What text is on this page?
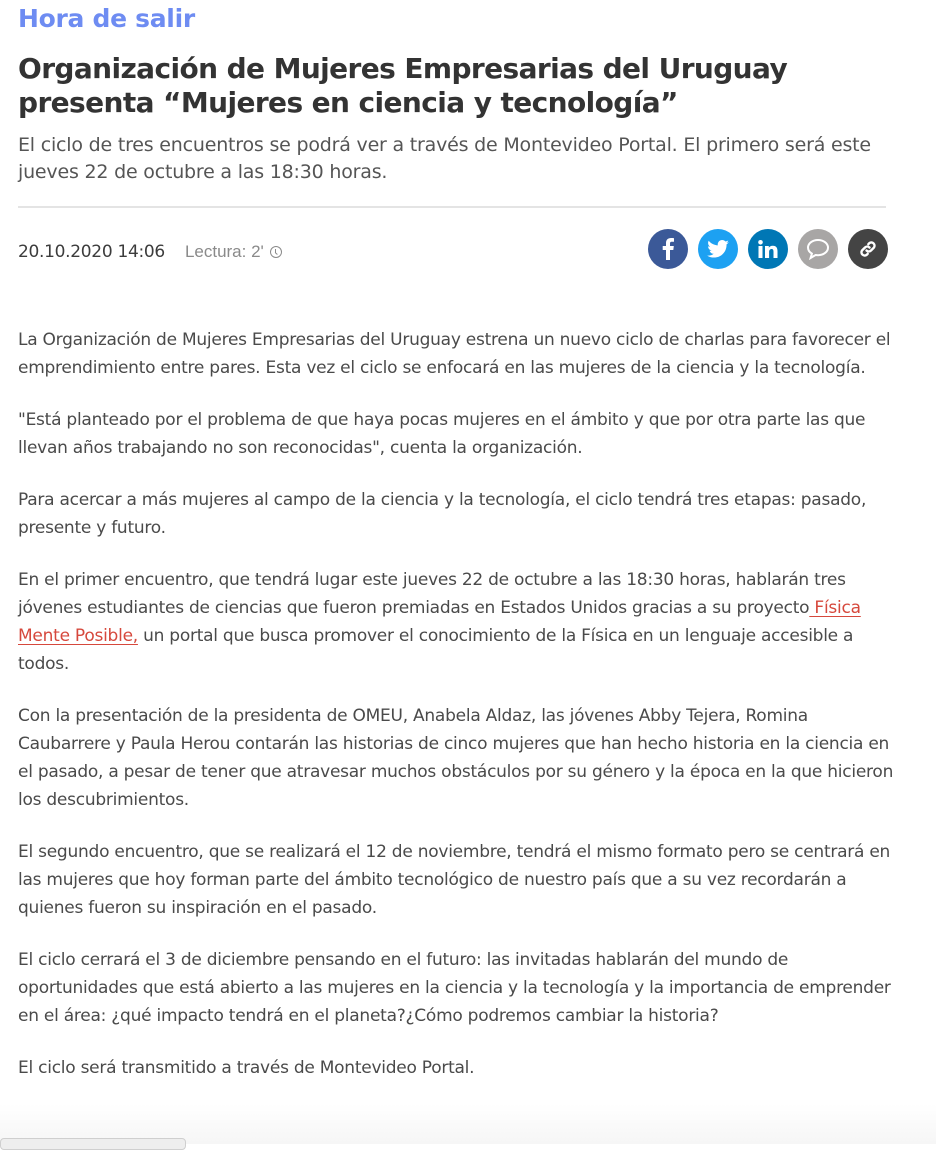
Hora de salir
Organización de Mujeres Empresarias del Uruguay presenta “Mujeres en ciencia y tecnología”

El ciclo de tres encuentros se podrá ver a través de Montevideo Portal. El primero será este jueves 22 de octubre a las 18:30 horas.

20.10.2020 14:06 Lectura: 2'

La Organización de Mujeres Empresarias del Uruguay estrena un nuevo ciclo de charlas para favorecer el emprendimiento entre pares. Esta vez el ciclo se enfocará en las mujeres de la ciencia y la tecnología.

"Está planteado por el problema de que haya pocas mujeres en el ámbito y que por otra parte las que llevan años trabajando no son reconocidas", cuenta la organización.

Para acercar a más mujeres al campo de la ciencia y la tecnología, el ciclo tendrá tres etapas: pasado, presente y futuro.

En el primer encuentro, que tendrá lugar este jueves 22 de octubre a las 18:30 horas, hablarán tres jóvenes estudiantes de ciencias que fueron premiadas en Estados Unidos gracias a su proyecto Física Mente Posible, un portal que busca promover el conocimiento de la Física en un lenguaje accesible a todos.

Con la presentación de la presidenta de OMEU, Anabela Aldaz, las jóvenes Abby Tejera, Romina Caubarrere y Paula Herou contarán las historias de cinco mujeres que han hecho historia en la ciencia en el pasado, a pesar de tener que atravesar muchos obstáculos por su género y la época en la que hicieron los descubrimientos.

El segundo encuentro, que se realizará el 12 de noviembre, tendrá el mismo formato pero se centrará en las mujeres que hoy forman parte del ámbito tecnológico de nuestro país que a su vez recordarán a quienes fueron su inspiración en el pasado.

El ciclo cerrará el 3 de diciembre pensando en el futuro: las invitadas hablarán del mundo de oportunidades que está abierto a las mujeres en la ciencia y la tecnología y la importancia de emprender en el área: ¿qué impacto tendrá en el planeta?¿Cómo podremos cambiar la historia?

El ciclo será transmitido a través de Montevideo Portal.
